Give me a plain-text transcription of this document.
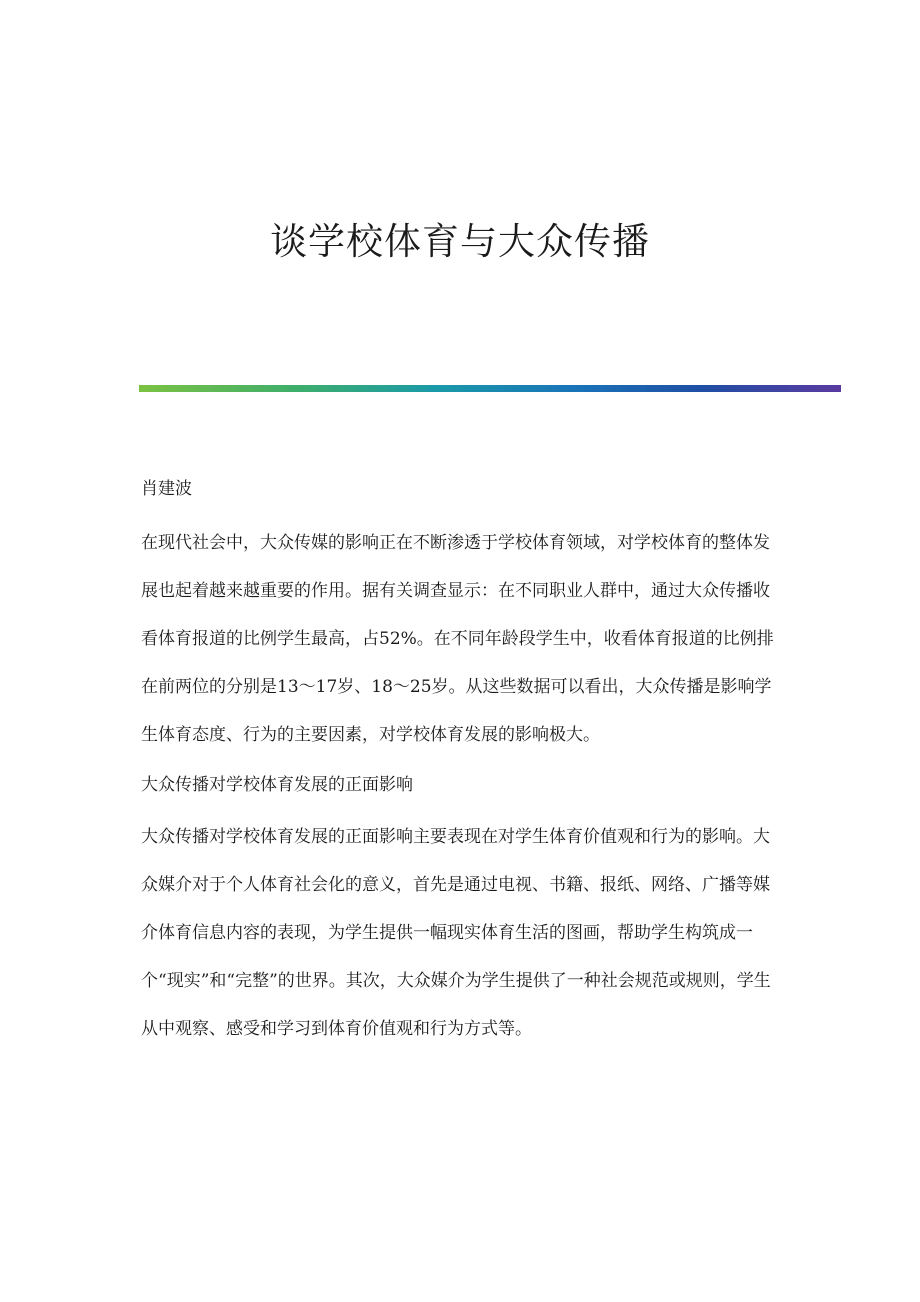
谈学校体育与大众传播

肖建波

在现代社会中，大众传媒的影响正在不断渗透于学校体育领域，对学校体育的整体发展也起着越来越重要的作用。据有关调查显示：在不同职业人群中，通过大众传播收看体育报道的比例学生最高，占52%。在不同年龄段学生中，收看体育报道的比例排在前两位的分别是13～17岁、18～25岁。从这些数据可以看出，大众传播是影响学生体育态度、行为的主要因素，对学校体育发展的影响极大。

大众传播对学校体育发展的正面影响

大众传播对学校体育发展的正面影响主要表现在对学生体育价值观和行为的影响。大众媒介对于个人体育社会化的意义，首先是通过电视、书籍、报纸、网络、广播等媒介体育信息内容的表现，为学生提供一幅现实体育生活的图画，帮助学生构筑成一个“现实”和“完整”的世界。其次，大众媒介为学生提供了一种社会规范或规则，学生从中观察、感受和学习到体育价值观和行为方式等。
